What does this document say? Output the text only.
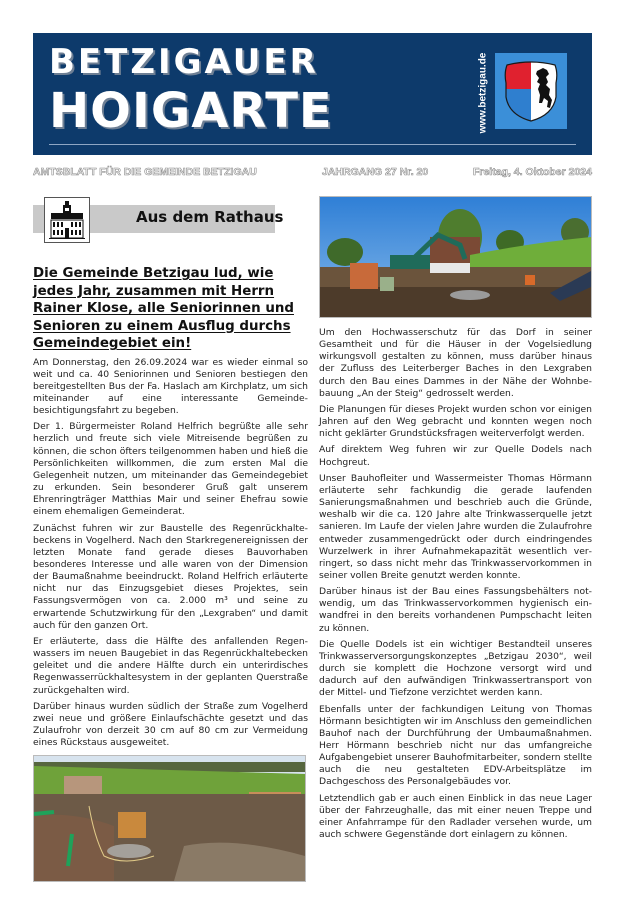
BETZIGAUER
HOIGARTE	www.betzigau.de
AMTSBLATT FÜR DIE GEMEINDE BETZIGAU	JAHRGANG 27 Nr. 20	Freitag, 4. Oktober 2024
Aus dem Rathaus
Die Gemeinde Betzigau lud, wie jedes Jahr, zusammen mit Herrn Rainer Klose, alle Seniorinnen und Senioren zu einem Ausflug durchs Gemeindegebiet ein!

Am Donnerstag, den 26.09.2024 war es wieder einmal so weit und ca. 40 Seniorinnen und Senioren bestiegen den bereitgestellten Bus der Fa. Haslach am Kirchplatz, um sich miteinander auf eine interessante Gemeindebesichtigungsfahrt zu begeben.

Der 1. Bürgermeister Roland Helfrich begrüßte alle sehr herzlich und freute sich viele Mitreisende begrüßen zu können, die schon öfters teilgenommen haben und hieß die Persönlichkeiten willkommen, die zum ersten Mal die Gelegenheit nutzen, um miteinander das Gemeindegebiet zu erkunden. Sein besonderer Gruß galt unserem Ehrenringträger Matthias Mair und seiner Ehefrau sowie einem ehemaligen Gemeinderat.

Zunächst fuhren wir zur Baustelle des Regenrückhaltebeckens in Vogelherd. Nach den Starkregenereignissen der letzten Monate fand gerade dieses Bauvorhaben besonderes Interesse und alle waren von der Dimension der Baumaßnahme beeindruckt. Roland Helfrich erläuterte nicht nur das Einzugsgebiet dieses Projektes, sein Fassungsvermögen von ca. 2.000 m³ und seine zu erwartende Schutzwirkung für den „Lexgraben“ und damit auch für den ganzen Ort.

Er erläuterte, dass die Hälfte des anfallenden Regenwassers im neuen Baugebiet in das Regenrückhaltebecken geleitet und die andere Hälfte durch ein unterirdisches Regenwasserrückhaltesystem in der geplanten Querstraße zurückgehalten wird.

Darüber hinaus wurden südlich der Straße zum Vogelherd zwei neue und größere Einlaufschächte gesetzt und das Zulaufrohr von derzeit 30 cm auf 80 cm zur Vermeidung eines Rückstaus ausgeweitet.

Um den Hochwasserschutz für das Dorf in seiner Gesamtheit und für die Häuser in der Vogelsiedlung wirkungsvoll gestalten zu können, muss darüber hinaus der Zufluss des Leiterberger Baches in den Lexgraben durch den Bau eines Dammes in der Nähe der Wohnbebauung „An der Steig“ gedrosselt werden.

Die Planungen für dieses Projekt wurden schon vor einigen Jahren auf den Weg gebracht und konnten wegen noch nicht geklärter Grundstücksfragen weiterverfolgt werden.

Auf direktem Weg fuhren wir zur Quelle Dodels nach Hochgreut.

Unser Bauhofleiter und Wassermeister Thomas Hörmann erläuterte sehr fachkundig die gerade laufenden Sanierungsmaßnahmen und beschrieb auch die Gründe, weshalb wir die ca. 120 Jahre alte Trinkwasserquelle jetzt sanieren. Im Laufe der vielen Jahre wurden die Zulaufrohre entweder zusammengedrückt oder durch eindringendes Wurzelwerk in ihrer Aufnahmekapazität wesentlich verringert, so dass nicht mehr das Trinkwasservorkommen in seiner vollen Breite genutzt werden konnte.

Darüber hinaus ist der Bau eines Fassungsbehälters notwendig, um das Trinkwasservorkommen hygienisch einwandfrei in den bereits vorhandenen Pumpschacht leiten zu können.

Die Quelle Dodels ist ein wichtiger Bestandteil unseres Trinkwasserversorgungskonzeptes „Betzigau 2030“, weil durch sie komplett die Hochzone versorgt wird und dadurch auf den aufwändigen Trinkwassertransport von der Mittel- und Tiefzone verzichtet werden kann.

Ebenfalls unter der fachkundigen Leitung von Thomas Hörmann besichtigten wir im Anschluss den gemeindlichen Bauhof nach der Durchführung der Umbaumaßnahmen. Herr Hörmann beschrieb nicht nur das umfangreiche Aufgabengebiet unserer Bauhofmitarbeiter, sondern stellte auch die neu gestalteten EDV-Arbeitsplätze im Dachgeschoss des Personalgebäudes vor.

Letztendlich gab er auch einen Einblick in das neue Lager über der Fahrzeughalle, das mit einer neuen Treppe und einer Anfahrrampe für den Radlader versehen wurde, um auch schwere Gegenstände dort einlagern zu können.
